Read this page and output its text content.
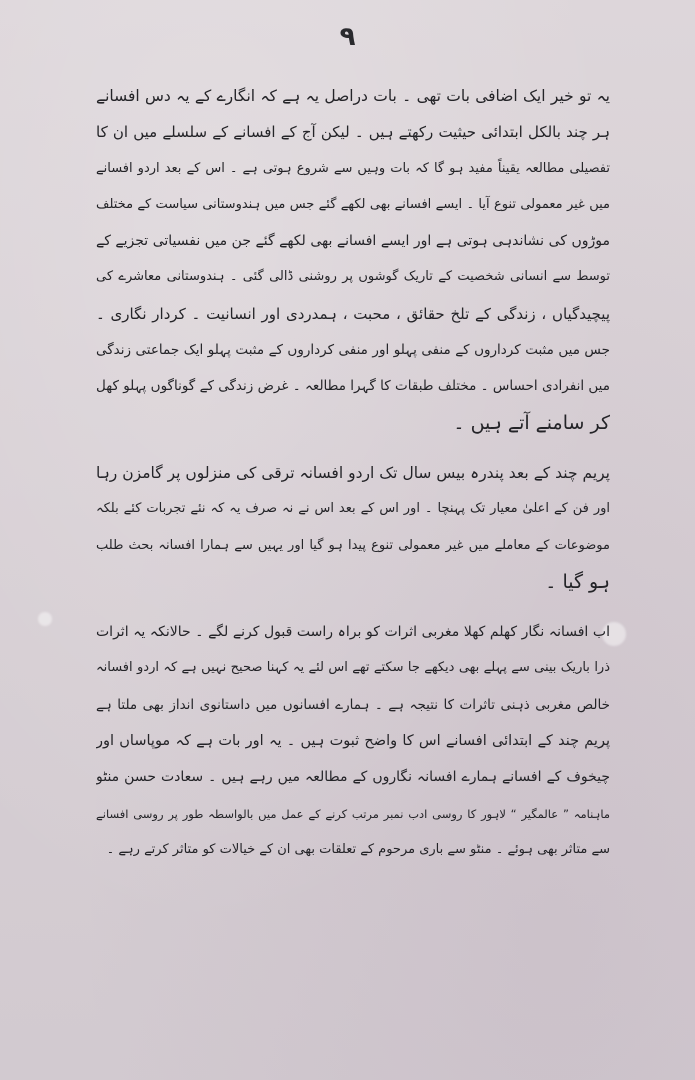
۹
یہ تو خیر ایک اضافی بات تھی ۔ بات دراصل یہ ہے کہ انگارے کے یہ دس افسانے
ہر چند بالکل ابتدائی حیثیت رکھتے ہیں ۔ لیکن آج کے افسانے کے سلسلے میں ان کا
تفصیلی مطالعہ یقیناً مفید ہو گا کہ بات وہیں سے شروع ہوتی ہے ۔ اس کے بعد اردو افسانے
میں غیر معمولی تنوع آیا ۔ ایسے افسانے بھی لکھے گئے جس میں ہندوستانی سیاست کے مختلف
موڑوں کی نشاندہی ہوتی ہے اور ایسے افسانے بھی لکھے گئے جن میں نفسیاتی تجزیے کے
توسط سے انسانی شخصیت کے تاریک گوشوں پر روشنی ڈالی گئی ۔ ہندوستانی معاشرے کی
پیچیدگیاں ، زندگی کے تلخ حقائق ، محبت ، ہمدردی اور انسانیت ۔ کردار نگاری ۔
جس میں مثبت کرداروں کے منفی پہلو اور منفی کرداروں کے مثبت پہلو ایک جماعتی زندگی
میں انفرادی احساس ۔ مختلف طبقات کا گہرا مطالعہ ۔ غرض زندگی کے گوناگوں پہلو کھل
کر سامنے آتے ہیں ۔
پریم چند کے بعد پندرہ بیس سال تک اردو افسانہ ترقی کی منزلوں پر گامزن رہا
اور فن کے اعلیٰ معیار تک پہنچا ۔ اور اس کے بعد اس نے نہ صرف یہ کہ نئے تجربات کئے بلکہ
موضوعات کے معاملے میں غیر معمولی تنوع پیدا ہو گیا اور یہیں سے ہمارا افسانہ بحث طلب
ہو گیا ۔
اب افسانہ نگار کھلم کھلا مغربی اثرات کو براہ راست قبول کرنے لگے ۔ حالانکہ یہ اثرات
ذرا باریک بینی سے پہلے بھی دیکھے جا سکتے تھے اس لئے یہ کہنا صحیح نہیں ہے کہ اردو افسانہ
خالص مغربی ذہنی تاثرات کا نتیجہ ہے ۔ ہمارے افسانوں میں داستانوی انداز بھی ملتا ہے
پریم چند کے ابتدائی افسانے اس کا واضح ثبوت ہیں ۔ یہ اور بات ہے کہ موپاساں اور
چیخوف کے افسانے ہمارے افسانہ نگاروں کے مطالعہ میں رہے ہیں ۔ سعادت حسن منٹو
ماہنامہ ” عالمگیر “ لاہور کا روسی ادب نمبر مرتب کرنے کے عمل میں بالواسطہ طور پر روسی افسانے
سے متاثر بھی ہوئے ۔ منٹو سے باری مرحوم کے تعلقات بھی ان کے خیالات کو متاثر کرتے رہے ۔
